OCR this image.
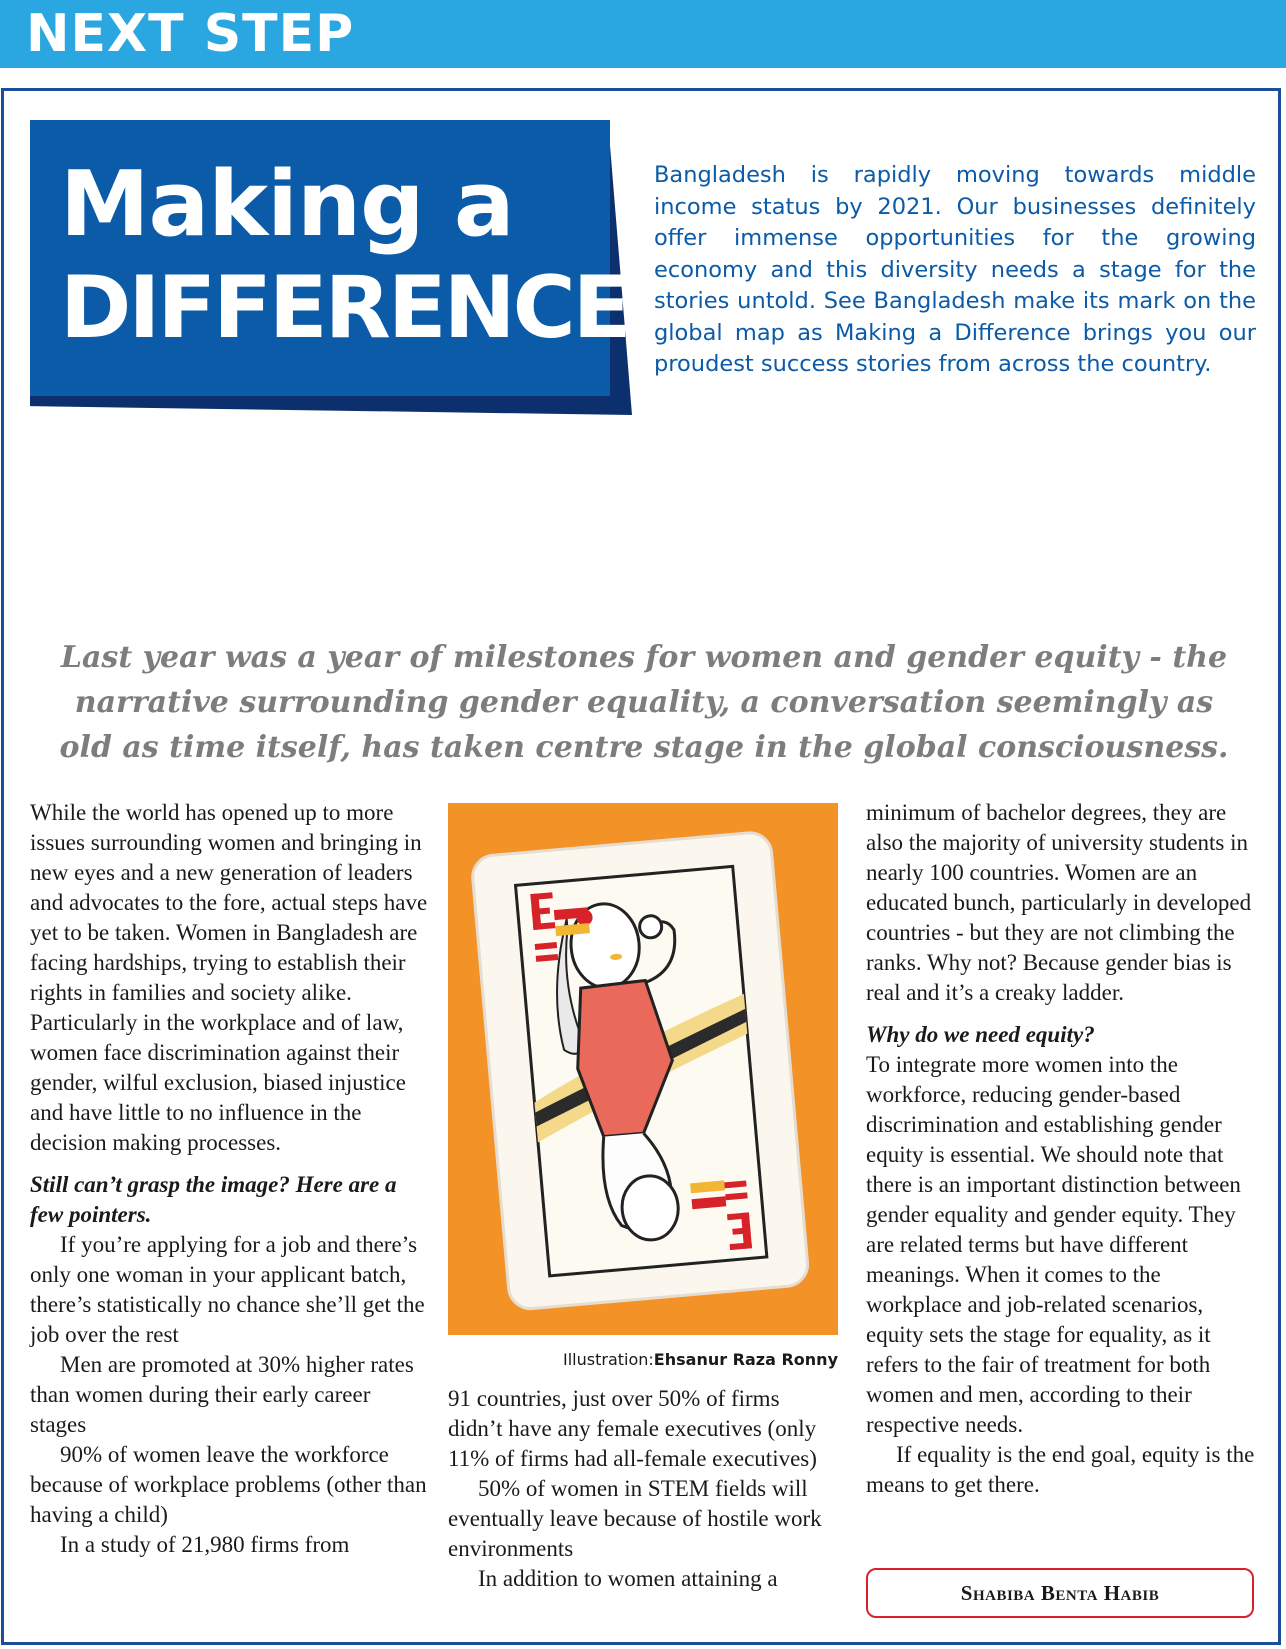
NEXT STEP
Making a
DIFFERENCE
Bangladesh is rapidly moving towards middle income status by 2021. Our businesses definitely offer immense opportunities for the growing economy and this diversity needs a stage for the stories untold. See Bangladesh make its mark on the global map as Making a Difference brings you our proudest success stories from across the country.
Last year was a year of milestones for women and gender equity - the narrative surrounding gender equality, a conversation seemingly as old as time itself, has taken centre stage in the global consciousness.

While the world has opened up to more issues surrounding women and bringing in new eyes and a new generation of leaders and advocates to the fore, actual steps have yet to be taken. Women in Bangladesh are facing hardships, trying to establish their rights in families and society alike. Particularly in the workplace and of law, women face discrimination against their gender, wilful exclusion, biased injustice and have little to no influence in the decision making processes.

Still can’t grasp the image? Here are a few pointers.

If you’re applying for a job and there’s only one woman in your applicant batch, there’s statistically no chance she’ll get the job over the rest

Men are promoted at 30% higher rates than women during their early career stages

90% of women leave the workforce because of workplace problems (other than having a child)

In a study of 21,980 firms from

Illustration:Ehsanur Raza Ronny

91 countries, just over 50% of firms didn’t have any female executives (only 11% of firms had all-female executives)

50% of women in STEM fields will eventually leave because of hostile work environments

In addition to women attaining a

minimum of bachelor degrees, they are also the majority of university students in nearly 100 countries. Women are an educated bunch, particularly in developed countries - but they are not climbing the ranks. Why not? Because gender bias is real and it’s a creaky ladder.

Why do we need equity?

To integrate more women into the workforce, reducing gender-based discrimination and establishing gender equity is essential. We should note that there is an important distinction between gender equality and gender equity. They are related terms but have different meanings. When it comes to the workplace and job-related scenarios, equity sets the stage for equality, as it refers to the fair of treatment for both women and men, according to their respective needs.

If equality is the end goal, equity is the means to get there.

Shabiba Benta Habib
